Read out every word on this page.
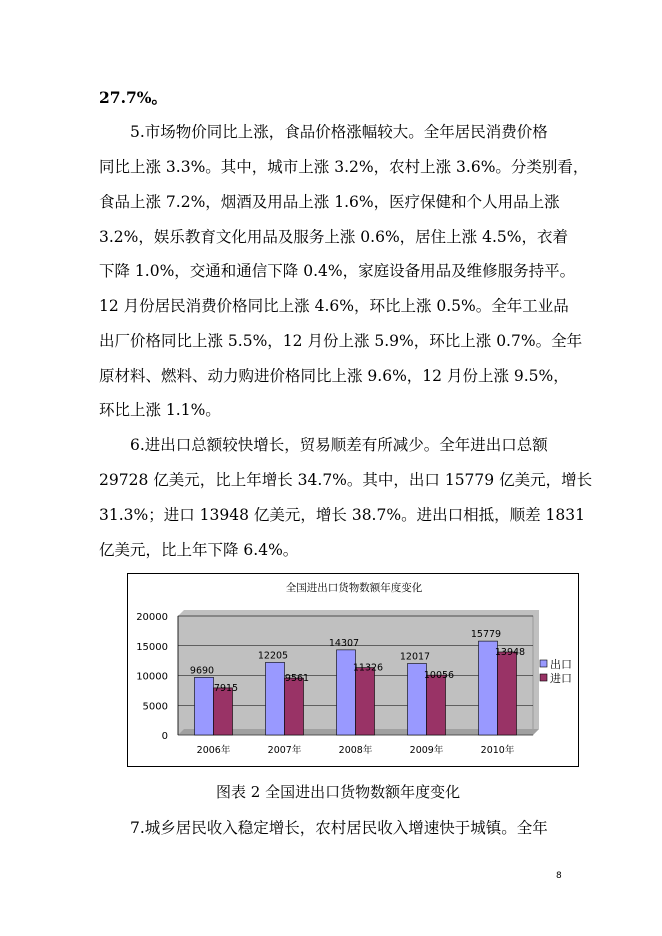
27.7%。
5.市场物价同比上涨，食品价格涨幅较大。全年居民消费价格
同比上涨 3.3%。其中，城市上涨 3.2%，农村上涨 3.6%。分类别看，
食品上涨 7.2%，烟酒及用品上涨 1.6%，医疗保健和个人用品上涨
3.2%，娱乐教育文化用品及服务上涨 0.6%，居住上涨 4.5%，衣着
下降 1.0%，交通和通信下降 0.4%，家庭设备用品及维修服务持平。
12 月份居民消费价格同比上涨 4.6%，环比上涨 0.5%。全年工业品
出厂价格同比上涨 5.5%，12 月份上涨 5.9%，环比上涨 0.7%。全年
原材料、燃料、动力购进价格同比上涨 9.6%，12 月份上涨 9.5%，
环比上涨 1.1%。
6.进出口总额较快增长，贸易顺差有所减少。全年进出口总额
29728 亿美元，比上年增长 34.7%。其中，出口 15779 亿美元，增长
31.3%；进口 13948 亿美元，增长 38.7%。进出口相抵，顺差 1831
亿美元，比上年下降 6.4%。
全国进出口货物数额年度变化
0
5000
10000
15000
20000
9690
7915
2006年
12205
9561
2007年
14307
11326
2008年
12017
10056
2009年
15779
13948
2010年
出口
进口
图表 2 全国进出口货物数额年度变化
7.城乡居民收入稳定增长，农村居民收入增速快于城镇。全年
8
